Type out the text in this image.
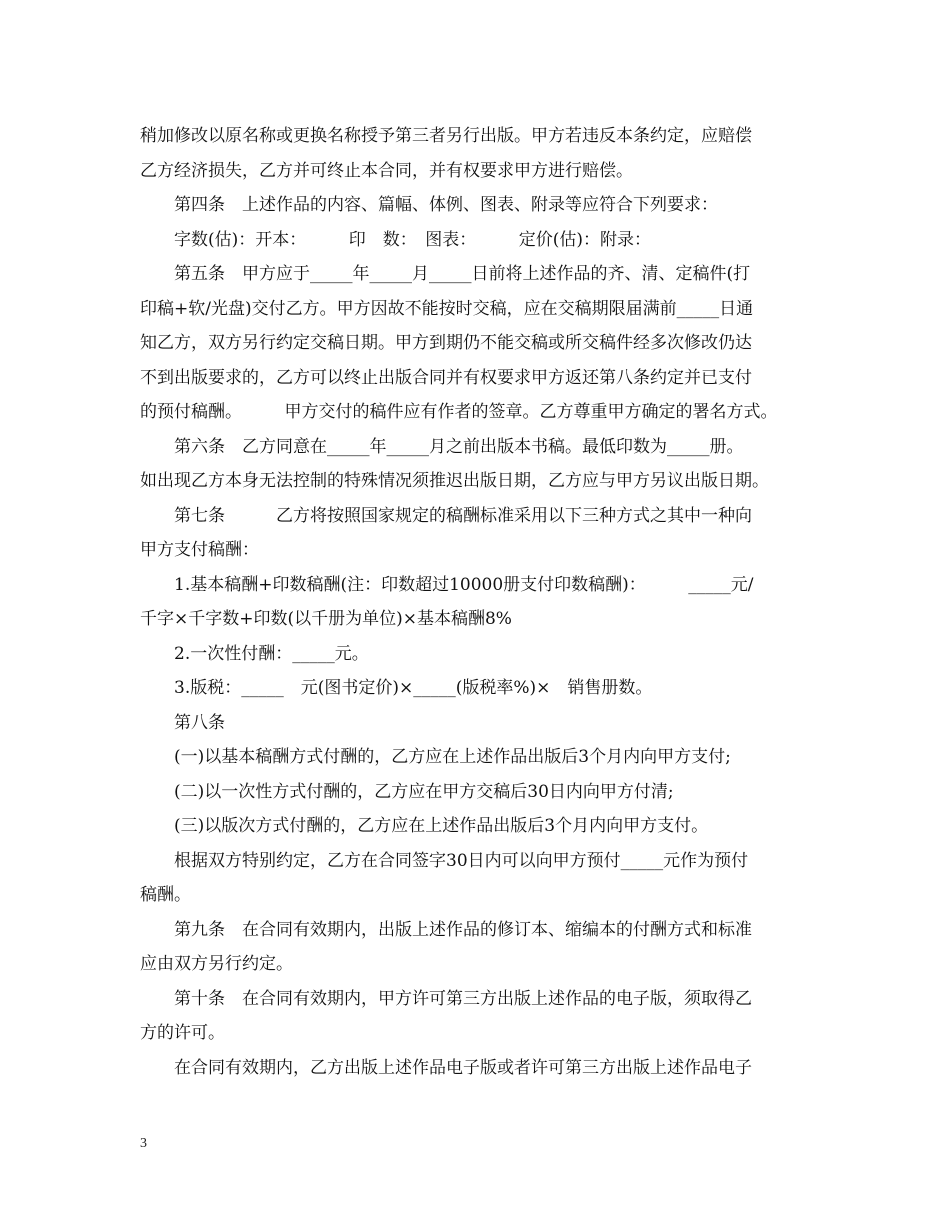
稍加修改以原名称或更换名称授予第三者另行出版。甲方若违反本条约定，应赔偿
乙方经济损失，乙方并可终止本合同，并有权要求甲方进行赔偿。
　　第四条　上述作品的内容、篇幅、体例、图表、附录等应符合下列要求：
　　字数(估)：开本：　　　印　数：　图表：　　　定价(估)：附录：
　　第五条　甲方应于_____年_____月_____日前将上述作品的齐、清、定稿件(打
印稿+软/光盘)交付乙方。甲方因故不能按时交稿，应在交稿期限届满前_____日通
知乙方，双方另行约定交稿日期。甲方到期仍不能交稿或所交稿件经多次修改仍达
不到出版要求的，乙方可以终止出版合同并有权要求甲方返还第八条约定并已支付
的预付稿酬。　　　甲方交付的稿件应有作者的签章。乙方尊重甲方确定的署名方式。
　　第六条　乙方同意在_____年_____月之前出版本书稿。最低印数为_____册。
如出现乙方本身无法控制的特殊情况须推迟出版日期，乙方应与甲方另议出版日期。
　　第七条　　　乙方将按照国家规定的稿酬标准采用以下三种方式之其中一种向
甲方支付稿酬：
　　1.基本稿酬+印数稿酬(注：印数超过10000册支付印数稿酬)：　　　_____元/
千字×千字数+印数(以千册为单位)×基本稿酬8%
　　2.一次性付酬：_____元。
　　3.版税：_____　元(图书定价)×_____(版税率%)×　销售册数。
　　第八条
　　(一)以基本稿酬方式付酬的，乙方应在上述作品出版后3个月内向甲方支付;
　　(二)以一次性方式付酬的，乙方应在甲方交稿后30日内向甲方付清;
　　(三)以版次方式付酬的，乙方应在上述作品出版后3个月内向甲方支付。
　　根据双方特别约定，乙方在合同签字30日内可以向甲方预付_____元作为预付
稿酬。
　　第九条　在合同有效期内，出版上述作品的修订本、缩编本的付酬方式和标准
应由双方另行约定。
　　第十条　在合同有效期内，甲方许可第三方出版上述作品的电子版，须取得乙
方的许可。
　　在合同有效期内，乙方出版上述作品电子版或者许可第三方出版上述作品电子
3
